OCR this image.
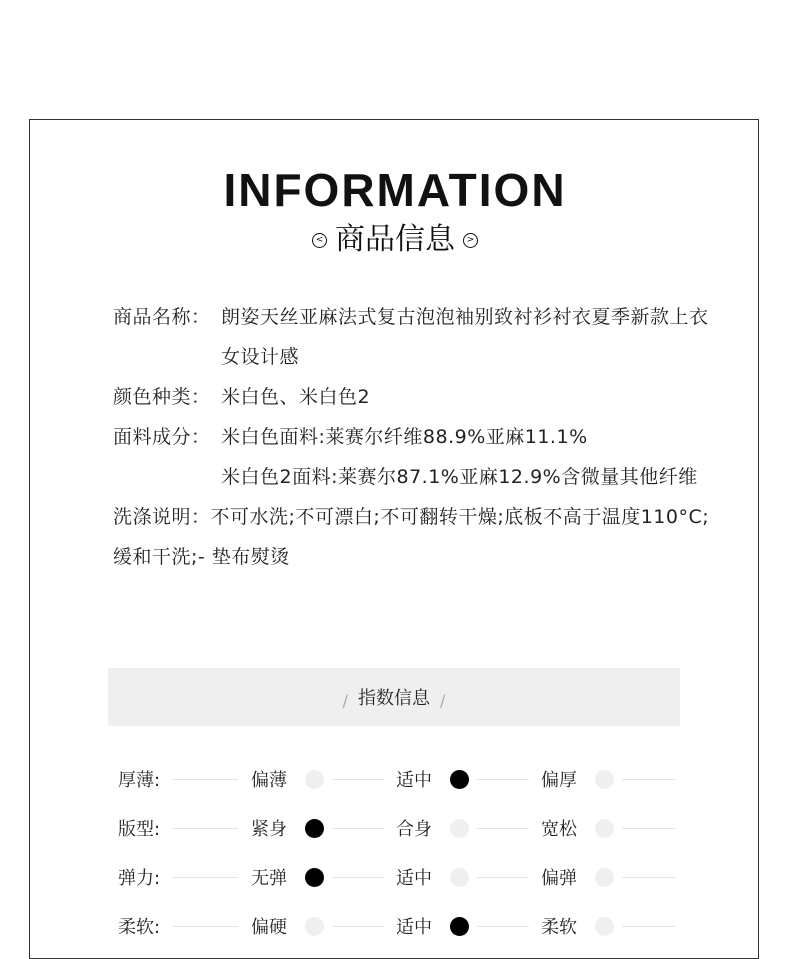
INFORMATION
< 商品信息	>
商品名称： 朗姿天丝亚麻法式复古泡泡袖别致衬衫衬衣夏季新款上衣女设计感
颜色种类： 米白色、米白色2
面料成分： 米白色面料:莱赛尔纤维88.9%亚麻11.1%
米白色2面料:莱赛尔87.1%亚麻12.9%含微量其他纤维
洗涤说明：不可水洗;不可漂白;不可翻转干燥;底板不高于温度110°C;缓和干洗;- 垫布熨烫
/ 指数信息 /
厚薄:	偏薄	适中	偏厚
版型:	紧身	合身	宽松
弹力:	无弹	适中	偏弹
柔软:	偏硬	适中	柔软
